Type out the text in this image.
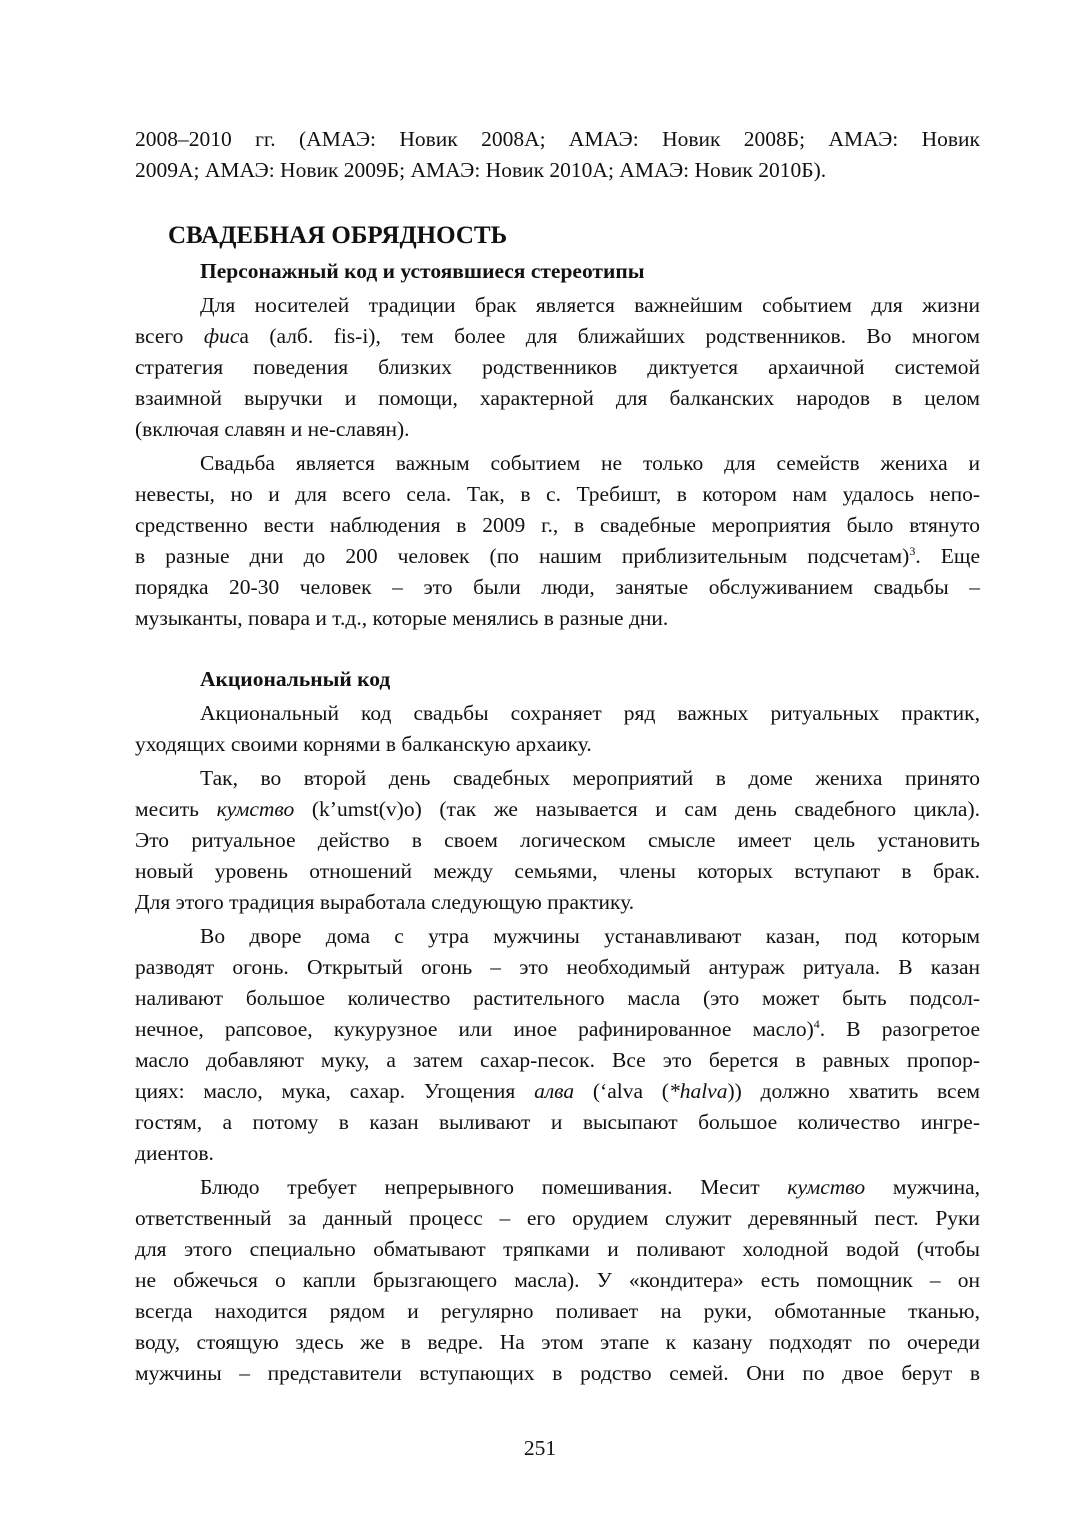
2008–2010 гг. (АМАЭ: Новик 2008А; АМАЭ: Новик 2008Б; АМАЭ: Новик
2009А; АМАЭ: Новик 2009Б; АМАЭ: Новик 2010А; АМАЭ: Новик 2010Б).
СВАДЕБНАЯ ОБРЯДНОСТЬ
Персонажный код и устоявшиеся стереотипы
Для носителей традиции брак является важнейшим событием для жизни
всего фиса (алб. fis-i), тем более для ближайших родственников. Во многом
стратегия поведения близких родственников диктуется архаичной системой
взаимной выручки и помощи, характерной для балканских народов в целом
(включая славян и не-славян).
Свадьба является важным событием не только для семейств жениха и
невесты, но и для всего села. Так, в с. Требишт, в котором нам удалось непо-
средственно вести наблюдения в 2009 г., в свадебные мероприятия было втянуто
в разные дни до 200 человек (по нашим приблизительным подсчетам)$^3$. Еще
порядка 20-30 человек – это были люди, занятые обслуживанием свадьбы –
музыканты, повара и т.д., которые менялись в разные дни.
Акциональный код
Акциональный код свадьбы сохраняет ряд важных ритуальных практик,
уходящих своими корнями в балканскую архаику.
Так, во второй день свадебных мероприятий в доме жениха принято
месить кумство (k’umst(v)o) (так же называется и сам день свадебного цикла).
Это ритуальное действо в своем логическом смысле имеет цель установить
новый уровень отношений между семьями, члены которых вступают в брак.
Для этого традиция выработала следующую практику.
Во дворе дома с утра мужчины устанавливают казан, под которым
разводят огонь. Открытый огонь – это необходимый антураж ритуала. В казан
наливают большое количество растительного масла (это может быть подсол-
нечное, рапсовое, кукурузное или иное рафинированное масло)$^4$. В разогретое
масло добавляют муку, а затем сахар-песок. Все это берется в равных пропор-
циях: масло, мука, сахар. Угощения алва (‘alva (*halva)) должно хватить всем
гостям, а потому в казан выливают и высыпают большое количество ингре-
диентов.
Блюдо требует непрерывного помешивания. Месит кумство мужчина,
ответственный за данный процесс – его орудием служит деревянный пест. Руки
для этого специально обматывают тряпками и поливают холодной водой (чтобы
не обжечься о капли брызгающего масла). У «кондитера» есть помощник – он
всегда находится рядом и регулярно поливает на руки, обмотанные тканью,
воду, стоящую здесь же в ведре. На этом этапе к казану подходят по очереди
мужчины – представители вступающих в родство семей. Они по двое берут в
251
